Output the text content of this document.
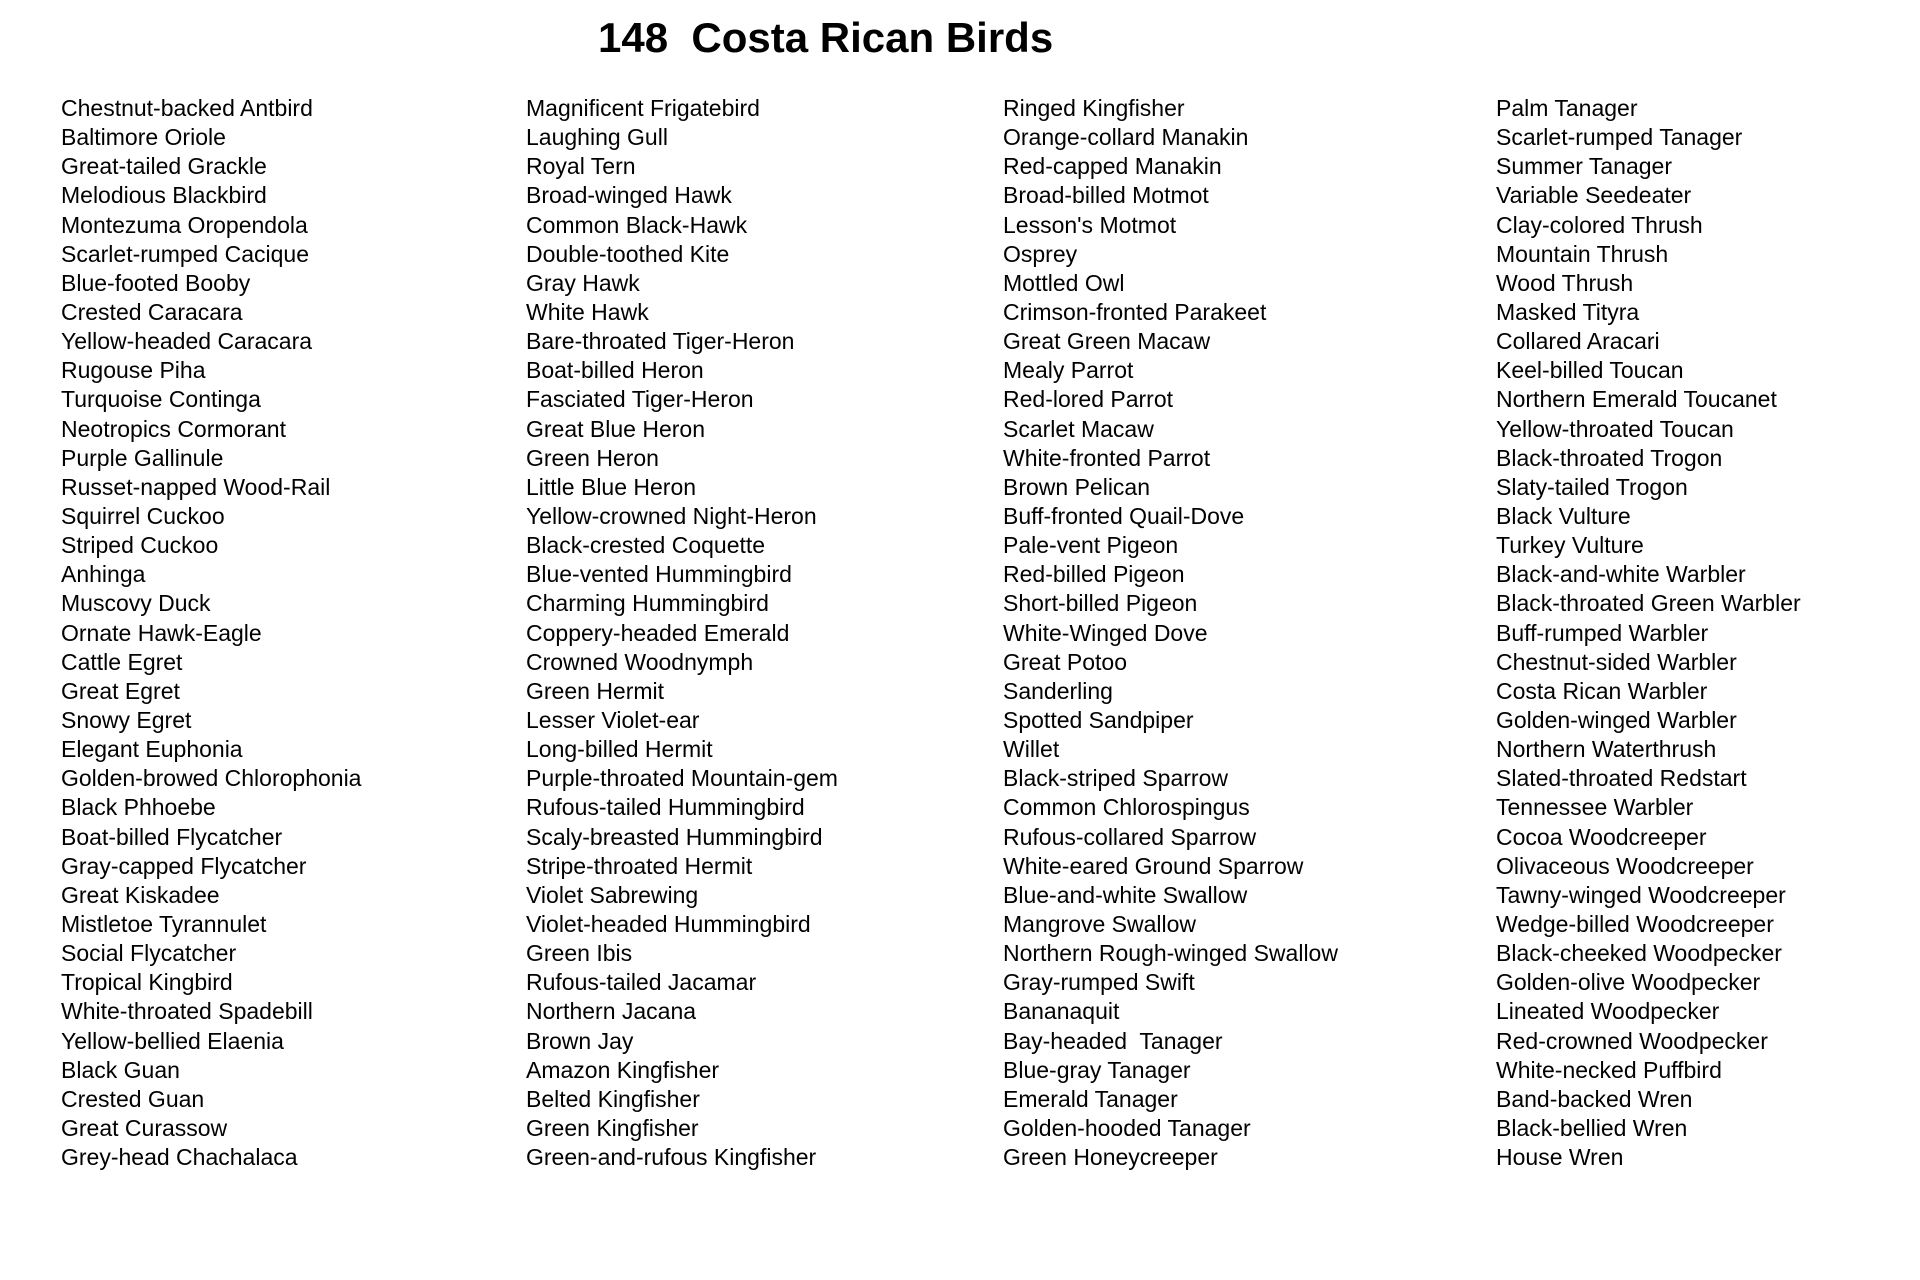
148  Costa Rican Birds
Chestnut-backed Antbird
Baltimore Oriole
Great-tailed Grackle
Melodious Blackbird
Montezuma Oropendola
Scarlet-rumped Cacique
Blue-footed Booby
Crested Caracara
Yellow-headed Caracara
Rugouse Piha
Turquoise Continga
Neotropics Cormorant
Purple Gallinule
Russet-napped Wood-Rail
Squirrel Cuckoo
Striped Cuckoo
Anhinga
Muscovy Duck
Ornate Hawk-Eagle
Cattle Egret
Great Egret
Snowy Egret
Elegant Euphonia
Golden-browed Chlorophonia
Black Phhoebe
Boat-billed Flycatcher
Gray-capped Flycatcher
Great Kiskadee
Mistletoe Tyrannulet
Social Flycatcher
Tropical Kingbird
White-throated Spadebill
Yellow-bellied Elaenia
Black Guan
Crested Guan
Great Curassow
Grey-head Chachalaca
Magnificent Frigatebird
Laughing Gull
Royal Tern
Broad-winged Hawk
Common Black-Hawk
Double-toothed Kite
Gray Hawk
White Hawk
Bare-throated Tiger-Heron
Boat-billed Heron
Fasciated Tiger-Heron
Great Blue Heron
Green Heron
Little Blue Heron
Yellow-crowned Night-Heron
Black-crested Coquette
Blue-vented Hummingbird
Charming Hummingbird
Coppery-headed Emerald
Crowned Woodnymph
Green Hermit
Lesser Violet-ear
Long-billed Hermit
Purple-throated Mountain-gem
Rufous-tailed Hummingbird
Scaly-breasted Hummingbird
Stripe-throated Hermit
Violet Sabrewing
Violet-headed Hummingbird
Green Ibis
Rufous-tailed Jacamar
Northern Jacana
Brown Jay
Amazon Kingfisher
Belted Kingfisher
Green Kingfisher
Green-and-rufous Kingfisher
Ringed Kingfisher
Orange-collard Manakin
Red-capped Manakin
Broad-billed Motmot
Lesson's Motmot
Osprey
Mottled Owl
Crimson-fronted Parakeet
Great Green Macaw
Mealy Parrot
Red-lored Parrot
Scarlet Macaw
White-fronted Parrot
Brown Pelican
Buff-fronted Quail-Dove
Pale-vent Pigeon
Red-billed Pigeon
Short-billed Pigeon
White-Winged Dove
Great Potoo
Sanderling
Spotted Sandpiper
Willet
Black-striped Sparrow
Common Chlorospingus
Rufous-collared Sparrow
White-eared Ground Sparrow
Blue-and-white Swallow
Mangrove Swallow
Northern Rough-winged Swallow
Gray-rumped Swift
Bananaquit
Bay-headed  Tanager
Blue-gray Tanager
Emerald Tanager
Golden-hooded Tanager
Green Honeycreeper
Palm Tanager
Scarlet-rumped Tanager
Summer Tanager
Variable Seedeater
Clay-colored Thrush
Mountain Thrush
Wood Thrush
Masked Tityra
Collared Aracari
Keel-billed Toucan
Northern Emerald Toucanet
Yellow-throated Toucan
Black-throated Trogon
Slaty-tailed Trogon
Black Vulture
Turkey Vulture
Black-and-white Warbler
Black-throated Green Warbler
Buff-rumped Warbler
Chestnut-sided Warbler
Costa Rican Warbler
Golden-winged Warbler
Northern Waterthrush
Slated-throated Redstart
Tennessee Warbler
Cocoa Woodcreeper
Olivaceous Woodcreeper
Tawny-winged Woodcreeper
Wedge-billed Woodcreeper
Black-cheeked Woodpecker
Golden-olive Woodpecker
Lineated Woodpecker
Red-crowned Woodpecker
White-necked Puffbird
Band-backed Wren
Black-bellied Wren
House Wren
